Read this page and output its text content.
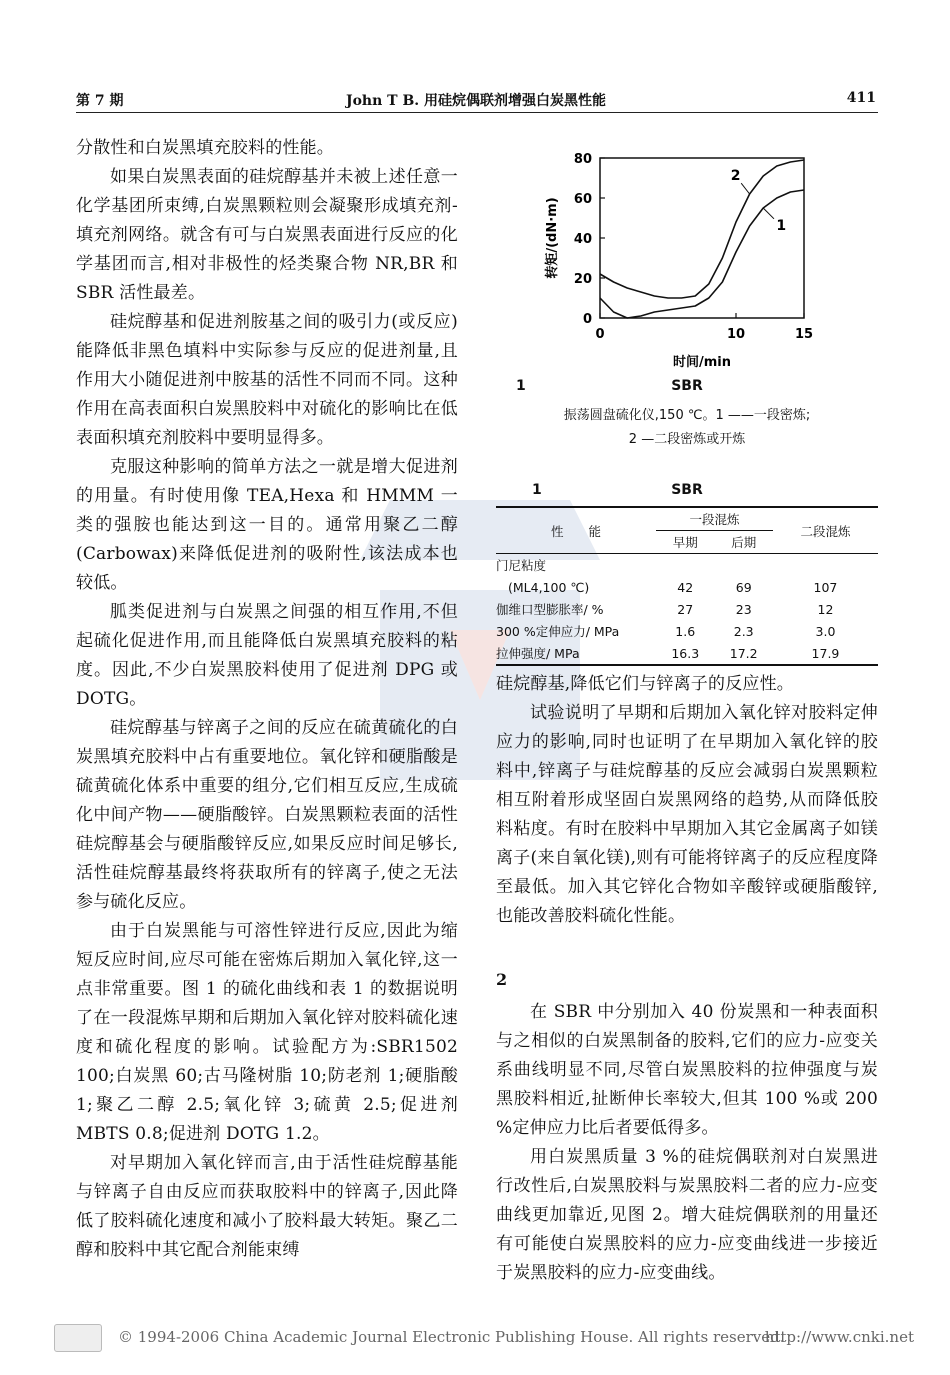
第 7 期	John T B. 用硅烷偶联剂增强白炭黑性能	411

分散性和白炭黑填充胶料的性能。

如果白炭黑表面的硅烷醇基并未被上述任意一化学基团所束缚,白炭黑颗粒则会凝聚形成填充剂-填充剂网络。就含有可与白炭黑表面进行反应的化学基团而言,相对非极性的烃类聚合物 NR,BR 和 SBR 活性最差。

硅烷醇基和促进剂胺基之间的吸引力(或反应)能降低非黑色填料中实际参与反应的促进剂量,且作用大小随促进剂中胺基的活性不同而不同。这种作用在高表面积白炭黑胶料中对硫化的影响比在低表面积填充剂胶料中要明显得多。

克服这种影响的简单方法之一就是增大促进剂的用量。有时使用像 TEA,Hexa 和 HMMM 一类的强胺也能达到这一目的。通常用聚乙二醇(Carbowax)来降低促进剂的吸附性,该法成本也较低。

胍类促进剂与白炭黑之间强的相互作用,不但起硫化促进作用,而且能降低白炭黑填充胶料的粘度。因此,不少白炭黑胶料使用了促进剂 DPG 或 DOTG。

硅烷醇基与锌离子之间的反应在硫黄硫化的白炭黑填充胶料中占有重要地位。氧化锌和硬脂酸是硫黄硫化体系中重要的组分,它们相互反应,生成硫化中间产物——硬脂酸锌。白炭黑颗粒表面的活性硅烷醇基会与硬脂酸锌反应,如果反应时间足够长,活性硅烷醇基最终将获取所有的锌离子,使之无法参与硫化反应。

由于白炭黑能与可溶性锌进行反应,因此为缩短反应时间,应尽可能在密炼后期加入氧化锌,这一点非常重要。图 1 的硫化曲线和表 1 的数据说明了在一段混炼早期和后期加入氧化锌对胶料硫化速度和硫化程度的影响。试验配方为:SBR1502 100;白炭黑 60;古马隆树脂 10;防老剂 1;硬脂酸 1;聚乙二醇 2.5;氧化锌 3;硫黄 2.5;促进剂 MBTS 0.8;促进剂 DOTG 1.2。

对早期加入氧化锌而言,由于活性硅烷醇基能与锌离子自由反应而获取胶料中的锌离子,因此降低了胶料硫化速度和减小了胶料最大转矩。聚乙二醇和胶料中其它配合剂能束缚

0	10	15
0
20
40
60
80
时间/min
转矩/(dN·m)	1
2
1	SBR
振荡圆盘硫化仪,150 ℃。1 ——一段密炼;
2 —二段密炼或开炼
1	SBR
性　　能	一段混炼		二段混炼
	早期	后期	
门尼粘度			
(ML4,100 ℃)	42	69	107
伽维口型膨胀率/ %	27	23	12
300 %定伸应力/ MPa	1.6	2.3	3.0
拉伸强度/ MPa	16.3	17.2	17.9

硅烷醇基,降低它们与锌离子的反应性。

试验说明了早期和后期加入氧化锌对胶料定伸应力的影响,同时也证明了在早期加入氧化锌的胶料中,锌离子与硅烷醇基的反应会减弱白炭黑颗粒相互附着形成坚固白炭黑网络的趋势,从而降低胶料粘度。有时在胶料中早期加入其它金属离子如镁离子(来自氧化镁),则有可能将锌离子的反应程度降至最低。加入其它锌化合物如辛酸锌或硬脂酸锌,也能改善胶料硫化性能。

2

在 SBR 中分别加入 40 份炭黑和一种表面积与之相似的白炭黑制备的胶料,它们的应力-应变关系曲线明显不同,尽管白炭黑胶料的拉伸强度与炭黑胶料相近,扯断伸长率较大,但其 100 %或 200 %定伸应力比后者要低得多。

用白炭黑质量 3 %的硅烷偶联剂对白炭黑进行改性后,白炭黑胶料与炭黑胶料二者的应力-应变曲线更加靠近,见图 2。增大硅烷偶联剂的用量还有可能使白炭黑胶料的应力-应变曲线进一步接近于炭黑胶料的应力-应变曲线。

© 1994-2006 China Academic Journal Electronic Publishing House. All rights reserved.
http://www.cnki.net
